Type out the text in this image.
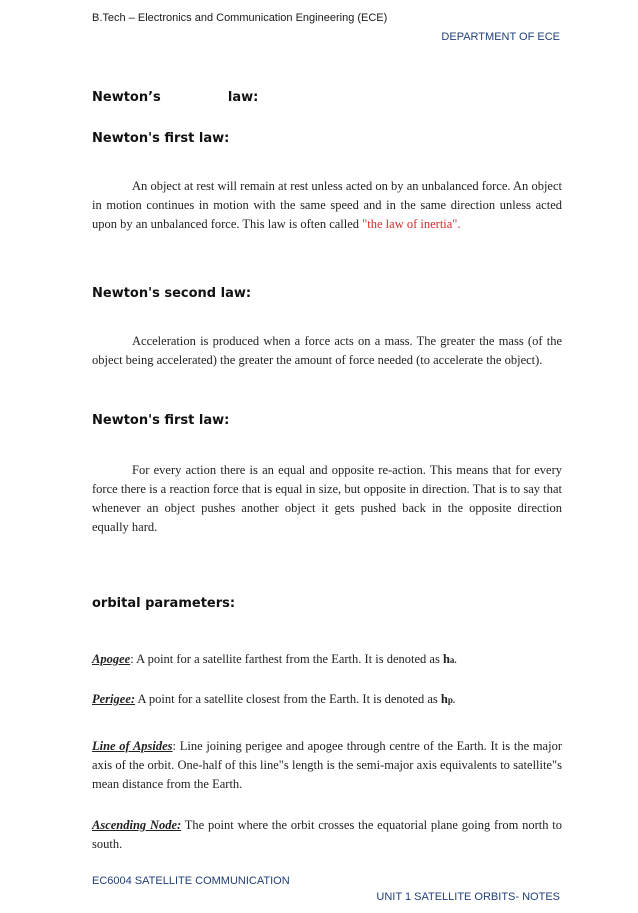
B.Tech – Electronics and Communication Engineering (ECE)
DEPARTMENT OF ECE
Newton’s	law:
Newton's first law:

An object at rest will remain at rest unless acted on by an unbalanced force. An object in motion continues in motion with the same speed and in the same direction unless acted upon by an unbalanced force. This law is often called "the law of inertia".

Newton's second law:

Acceleration is produced when a force acts on a mass. The greater the mass (of the object being accelerated) the greater the amount of force needed (to accelerate the object).

Newton's first law:

For every action there is an equal and opposite re-action. This means that for every force there is a reaction force that is equal in size, but opposite in direction. That is to say that whenever an object pushes another object it gets pushed back in the opposite direction equally hard.

orbital parameters:

Apogee: A point for a satellite farthest from the Earth. It is denoted as ha.

Perigee: A point for a satellite closest from the Earth. It is denoted as hp.

Line of Apsides: Line joining perigee and apogee through centre of the Earth. It is the major axis of the orbit. One-half of this line"s length is the semi-major axis equivalents to satellite"s mean distance from the Earth.

Ascending Node: The point where the orbit crosses the equatorial plane going from north to south.

EC6004 SATELLITE COMMUNICATION
UNIT 1 SATELLITE ORBITS- NOTES
